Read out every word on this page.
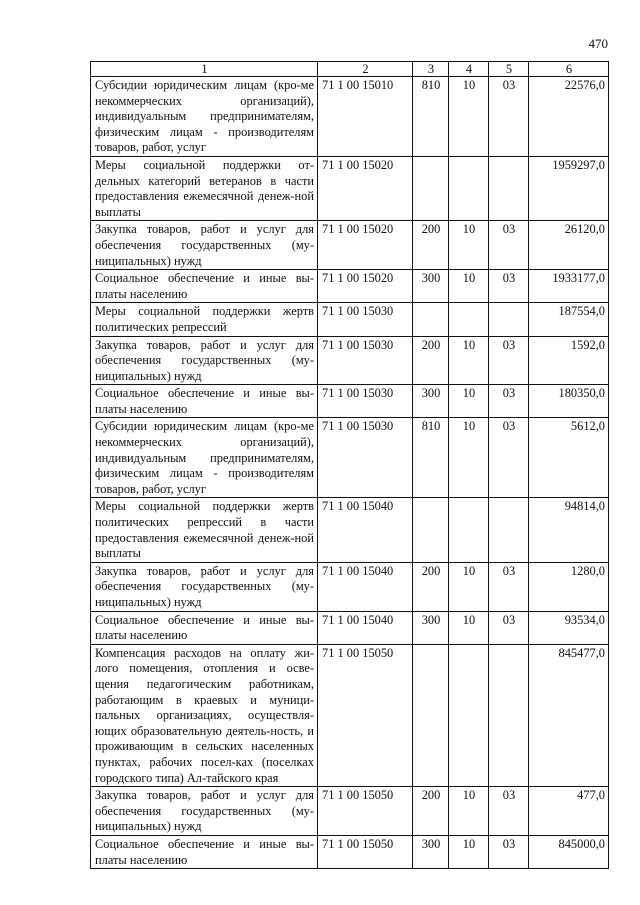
470
1	2	3	4	5	6
Субсидии юридическим лицам (кро-ме некоммерческих организаций), индивидуальным предпринимателям, физическим лицам - производителям товаров, работ, услуг	71 1 00 15010	810	10	03	22576,0
Меры социальной поддержки от-дельных категорий ветеранов в части предоставления ежемесячной денеж-ной выплаты	71 1 00 15020				1959297,0
Закупка товаров, работ и услуг для обеспечения государственных (му-ниципальных) нужд	71 1 00 15020	200	10	03	26120,0
Социальное обеспечение и иные вы-платы населению	71 1 00 15020	300	10	03	1933177,0
Меры социальной поддержки жертв политических репрессий	71 1 00 15030				187554,0
Закупка товаров, работ и услуг для обеспечения государственных (му-ниципальных) нужд	71 1 00 15030	200	10	03	1592,0
Социальное обеспечение и иные вы-платы населению	71 1 00 15030	300	10	03	180350,0
Субсидии юридическим лицам (кро-ме некоммерческих организаций), индивидуальным предпринимателям, физическим лицам - производителям товаров, работ, услуг	71 1 00 15030	810	10	03	5612,0
Меры социальной поддержки жертв политических репрессий в части предоставления ежемесячной денеж-ной выплаты	71 1 00 15040				94814,0
Закупка товаров, работ и услуг для обеспечения государственных (му-ниципальных) нужд	71 1 00 15040	200	10	03	1280,0
Социальное обеспечение и иные вы-платы населению	71 1 00 15040	300	10	03	93534,0
Компенсация расходов на оплату жи-лого помещения, отопления и осве-щения педагогическим работникам, работающим в краевых и муници-пальных организациях, осуществля-ющих образовательную деятель-ность, и проживающим в сельских населенных пунктах, рабочих посел-ках (поселках городского типа) Ал-тайского края	71 1 00 15050				845477,0
Закупка товаров, работ и услуг для обеспечения государственных (му-ниципальных) нужд	71 1 00 15050	200	10	03	477,0
Социальное обеспечение и иные вы-платы населению	71 1 00 15050	300	10	03	845000,0
